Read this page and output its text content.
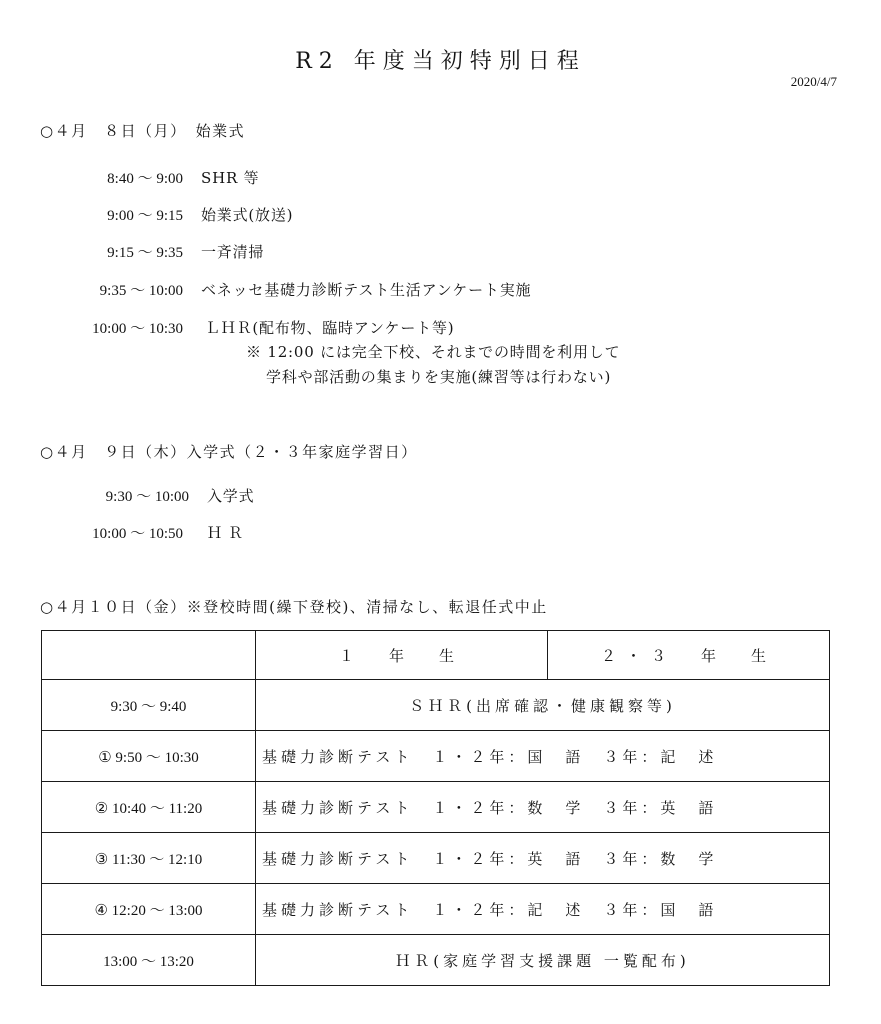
R2 年度当初特別日程
2020/4/7
○４月　８日（月）　始業式
8:40 ～ 9:00 SHR 等
9:00 ～ 9:15 始業式(放送)
9:15 ～ 9:35 一斉清掃
9:35 ～ 10:00 ベネッセ基礎力診断テスト生活アンケート実施
10:00 ～ 10:30 ＬＨＲ(配布物、臨時アンケート等)
※ 12:00 には完全下校、それまでの時間を利用して
学科や部活動の集まりを実施(練習等は行わない)
○４月　９日（木）入学式（２・３年家庭学習日）
9:30 ～ 10:00 入学式
10:00 ～ 10:50 ＨＲ
○４月１０日（金）※登校時間(繰下登校)、清掃なし、転退任式中止
	１　年　生	２・３　年　生
9:30 ～ 9:40	ＳＨＲ(出席確認・健康観察等)	
① 9:50 ～ 10:30	基礎力診断テスト　１・２年：国　語　３年：記　述	
② 10:40 ～ 11:20	基礎力診断テスト　１・２年：数　学　３年：英　語	
③ 11:30 ～ 12:10	基礎力診断テスト　１・２年：英　語　３年：数　学	
④ 12:20 ～ 13:00	基礎力診断テスト　１・２年：記　述　３年：国　語	
13:00 ～ 13:20	ＨＲ(家庭学習支援課題 一覧配布)	
